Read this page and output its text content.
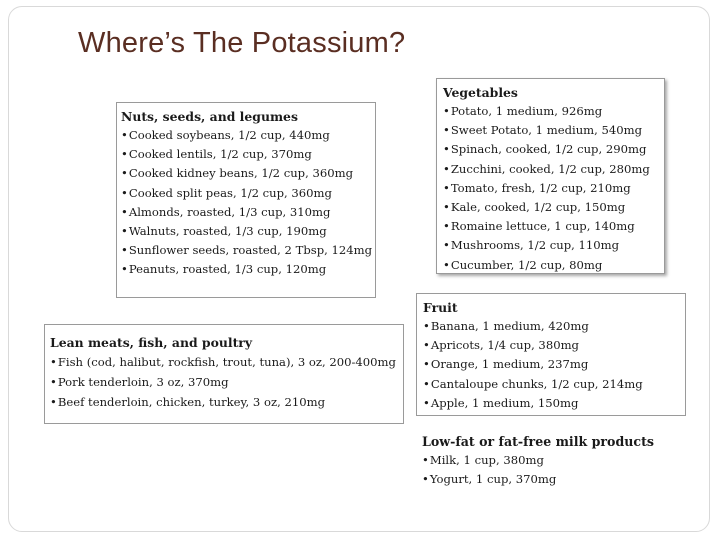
Where’s The Potassium?
Nuts, seeds, and legumes
• Cooked soybeans, 1/2 cup, 440mg
• Cooked lentils, 1/2 cup, 370mg
• Cooked kidney beans, 1/2 cup, 360mg
• Cooked split peas, 1/2 cup, 360mg
• Almonds, roasted, 1/3 cup, 310mg
• Walnuts, roasted, 1/3 cup, 190mg
• Sunflower seeds, roasted, 2 Tbsp, 124mg
• Peanuts, roasted, 1/3 cup, 120mg
Lean meats, fish, and poultry
• Fish (cod, halibut, rockfish, trout, tuna), 3 oz, 200-400mg
• Pork tenderloin, 3 oz, 370mg
• Beef tenderloin, chicken, turkey, 3 oz, 210mg
Vegetables
• Potato, 1 medium, 926mg
• Sweet Potato, 1 medium, 540mg
• Spinach, cooked, 1/2 cup, 290mg
• Zucchini, cooked, 1/2 cup, 280mg
• Tomato, fresh, 1/2 cup, 210mg
• Kale, cooked, 1/2 cup, 150mg
• Romaine lettuce, 1 cup, 140mg
• Mushrooms, 1/2 cup, 110mg
• Cucumber, 1/2 cup, 80mg
Fruit
• Banana, 1 medium, 420mg
• Apricots, 1/4 cup, 380mg
• Orange, 1 medium, 237mg
• Cantaloupe chunks, 1/2 cup, 214mg
• Apple, 1 medium, 150mg
Low-fat or fat-free milk products
• Milk, 1 cup, 380mg
• Yogurt, 1 cup, 370mg
